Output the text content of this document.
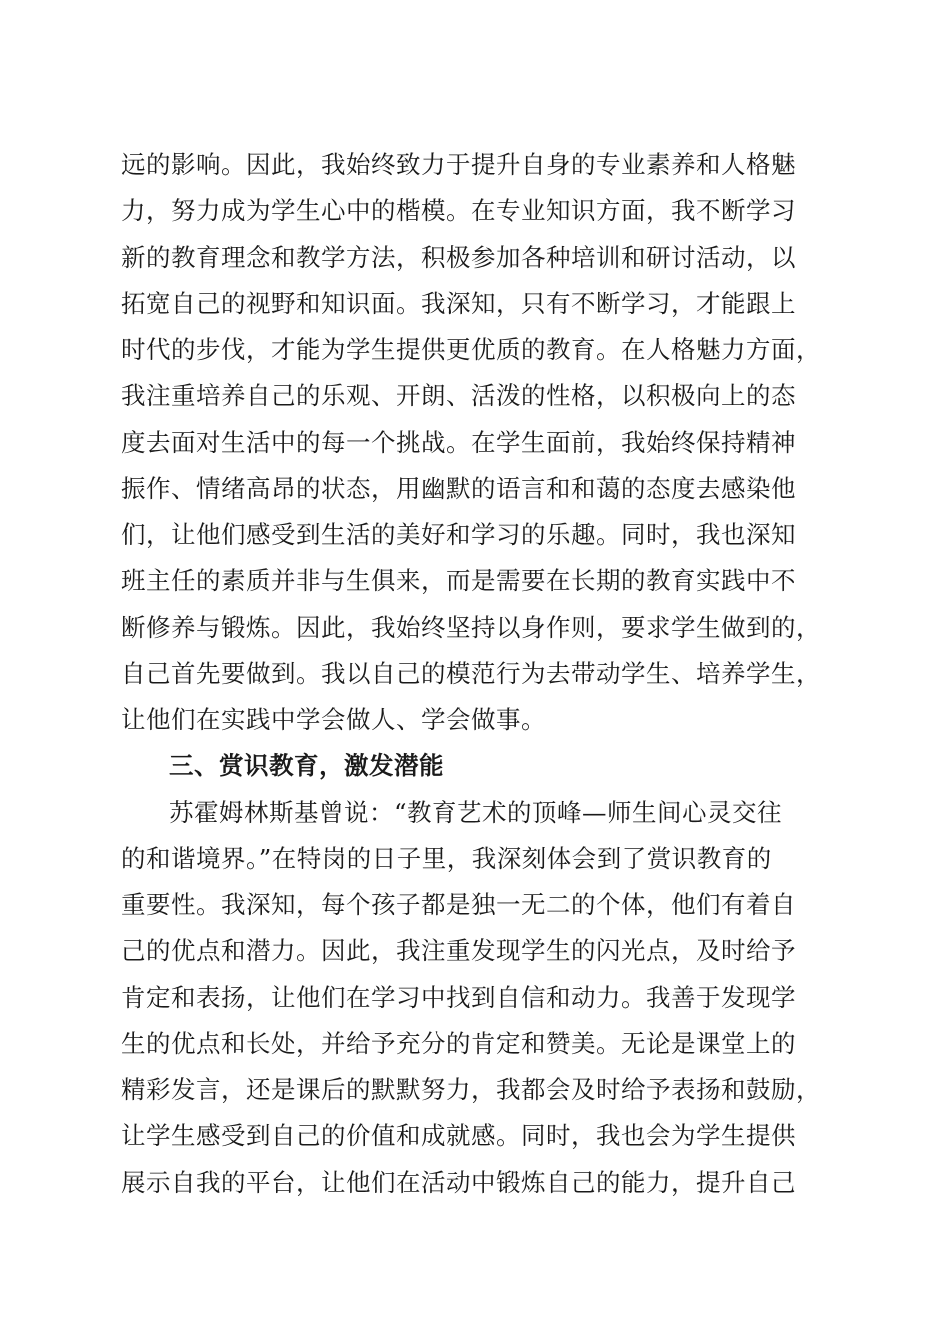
远的影响。因此，我始终致力于提升自身的专业素养和人格魅
力，努力成为学生心中的楷模。在专业知识方面，我不断学习
新的教育理念和教学方法，积极参加各种培训和研讨活动，以
拓宽自己的视野和知识面。我深知，只有不断学习，才能跟上
时代的步伐，才能为学生提供更优质的教育。在人格魅力方面，
我注重培养自己的乐观、开朗、活泼的性格，以积极向上的态
度去面对生活中的每一个挑战。在学生面前，我始终保持精神
振作、情绪高昂的状态，用幽默的语言和和蔼的态度去感染他
们，让他们感受到生活的美好和学习的乐趣。同时，我也深知
班主任的素质并非与生俱来，而是需要在长期的教育实践中不
断修养与锻炼。因此，我始终坚持以身作则，要求学生做到的，
自己首先要做到。我以自己的模范行为去带动学生、培养学生，
让他们在实践中学会做人、学会做事。
三、赏识教育，激发潜能
苏霍姆林斯基曾说：“教育艺术的顶峰—师生间心灵交往
的和谐境界。”在特岗的日子里，我深刻体会到了赏识教育的
重要性。我深知，每个孩子都是独一无二的个体，他们有着自
己的优点和潜力。因此，我注重发现学生的闪光点，及时给予
肯定和表扬，让他们在学习中找到自信和动力。我善于发现学
生的优点和长处，并给予充分的肯定和赞美。无论是课堂上的
精彩发言，还是课后的默默努力，我都会及时给予表扬和鼓励，
让学生感受到自己的价值和成就感。同时，我也会为学生提供
展示自我的平台，让他们在活动中锻炼自己的能力，提升自己
